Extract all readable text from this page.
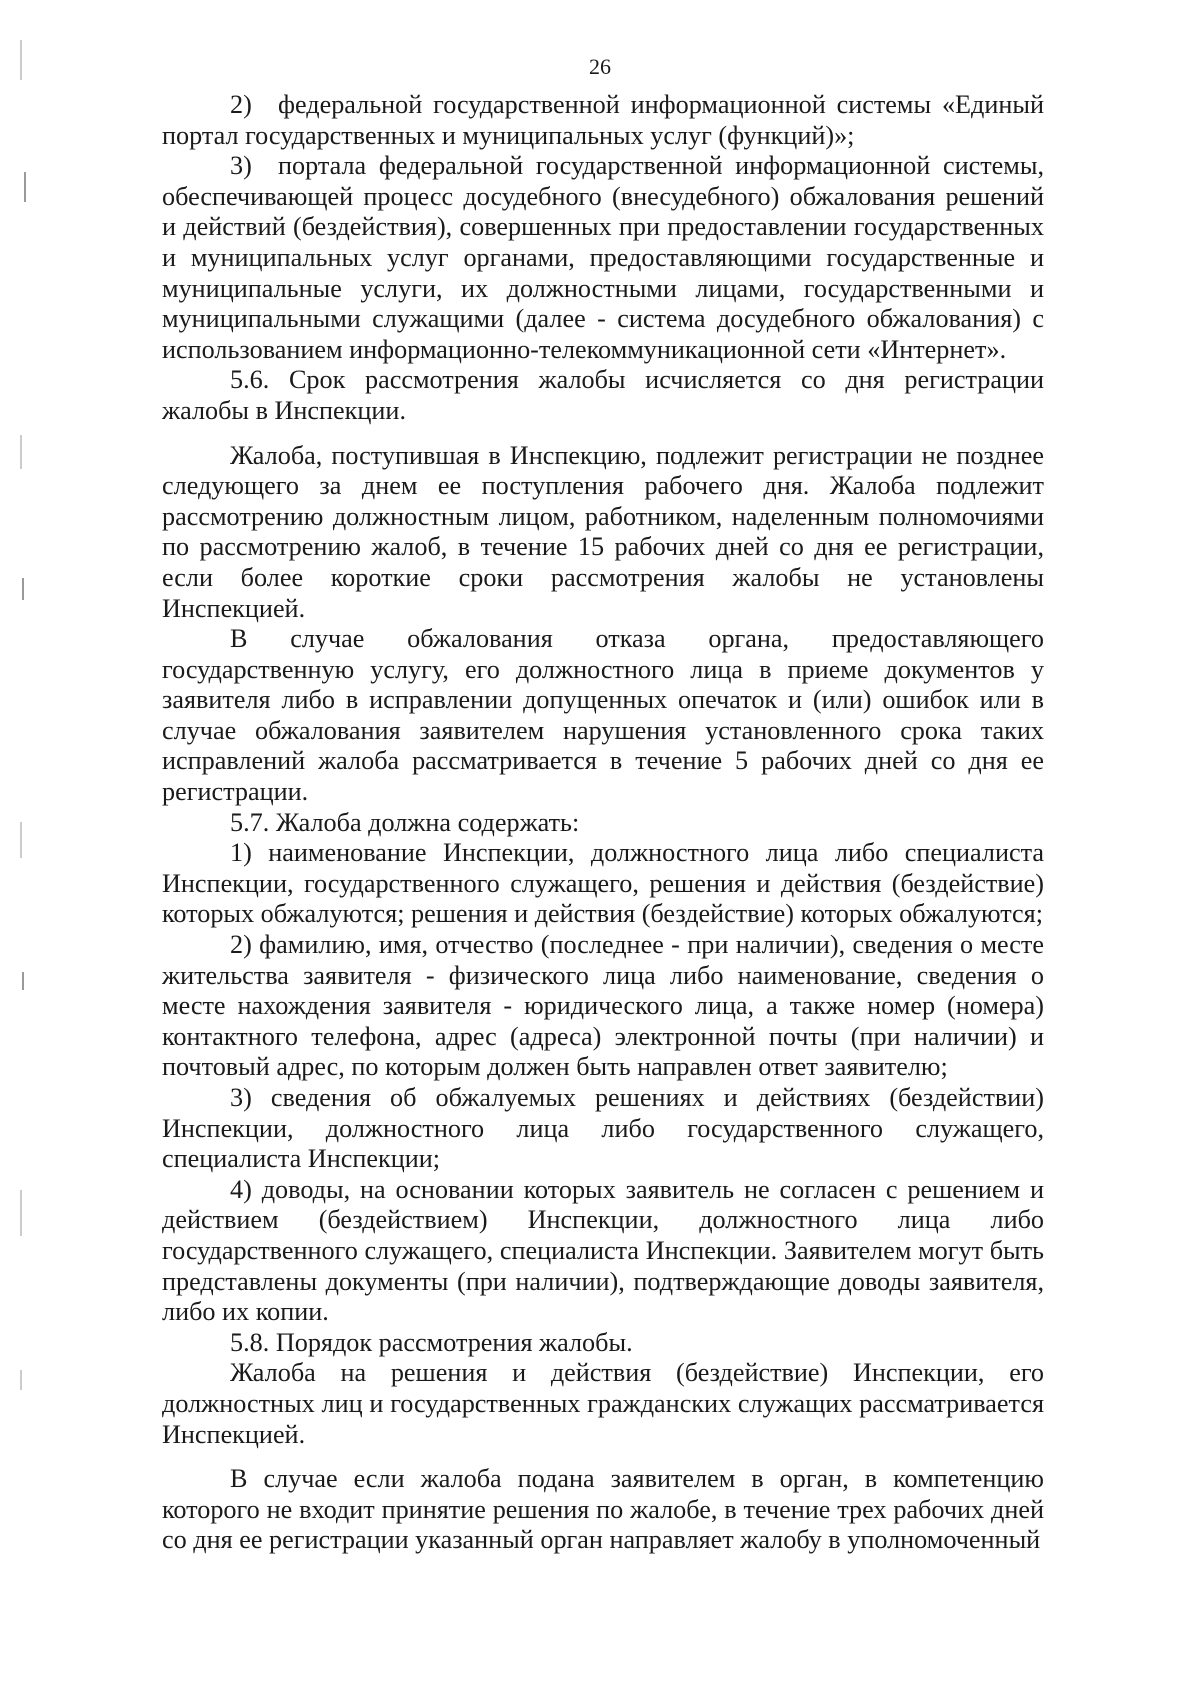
26

2) федеральной государственной информационной системы «Единый портал государственных и муниципальных услуг (функций)»;

3) портала федеральной государственной информационной системы, обеспечивающей процесс досудебного (внесудебного) обжалования решений и действий (бездействия), совершенных при предоставлении государственных и муниципальных услуг органами, предоставляющими государственные и муниципальные услуги, их должностными лицами, государственными и муниципальными служащими (далее - система досудебного обжалования) с использованием информационно-телекоммуникационной сети «Интернет».

5.6. Срок рассмотрения жалобы исчисляется со дня регистрации жалобы в Инспекции.

Жалоба, поступившая в Инспекцию, подлежит регистрации не позднее следующего за днем ее поступления рабочего дня. Жалоба подлежит рассмотрению должностным лицом, работником, наделенным полномочиями по рассмотрению жалоб, в течение 15 рабочих дней со дня ее регистрации, если более короткие сроки рассмотрения жалобы не установлены Инспекцией.

В случае обжалования отказа органа, предоставляющего государственную услугу, его должностного лица в приеме документов у заявителя либо в исправлении допущенных опечаток и (или) ошибок или в случае обжалования заявителем нарушения установленного срока таких исправлений жалоба рассматривается в течение 5 рабочих дней со дня ее регистрации.

5.7. Жалоба должна содержать:

1) наименование Инспекции, должностного лица либо специалиста Инспекции, государственного служащего, решения и действия (бездействие) которых обжалуются; решения и действия (бездействие) которых обжалуются;

2) фамилию, имя, отчество (последнее - при наличии), сведения о месте жительства заявителя - физического лица либо наименование, сведения о месте нахождения заявителя - юридического лица, а также номер (номера) контактного телефона, адрес (адреса) электронной почты (при наличии) и почтовый адрес, по которым должен быть направлен ответ заявителю;

3) сведения об обжалуемых решениях и действиях (бездействии) Инспекции, должностного лица либо государственного служащего, специалиста Инспекции;

4) доводы, на основании которых заявитель не согласен с решением и действием (бездействием) Инспекции, должностного лица либо государственного служащего, специалиста Инспекции. Заявителем могут быть представлены документы (при наличии), подтверждающие доводы заявителя, либо их копии.

5.8. Порядок рассмотрения жалобы.

Жалоба на решения и действия (бездействие) Инспекции, его должностных лиц и государственных гражданских служащих рассматривается Инспекцией.

В случае если жалоба подана заявителем в орган, в компетенцию которого не входит принятие решения по жалобе, в течение трех рабочих дней со дня ее регистрации указанный орган направляет жалобу в уполномоченный
